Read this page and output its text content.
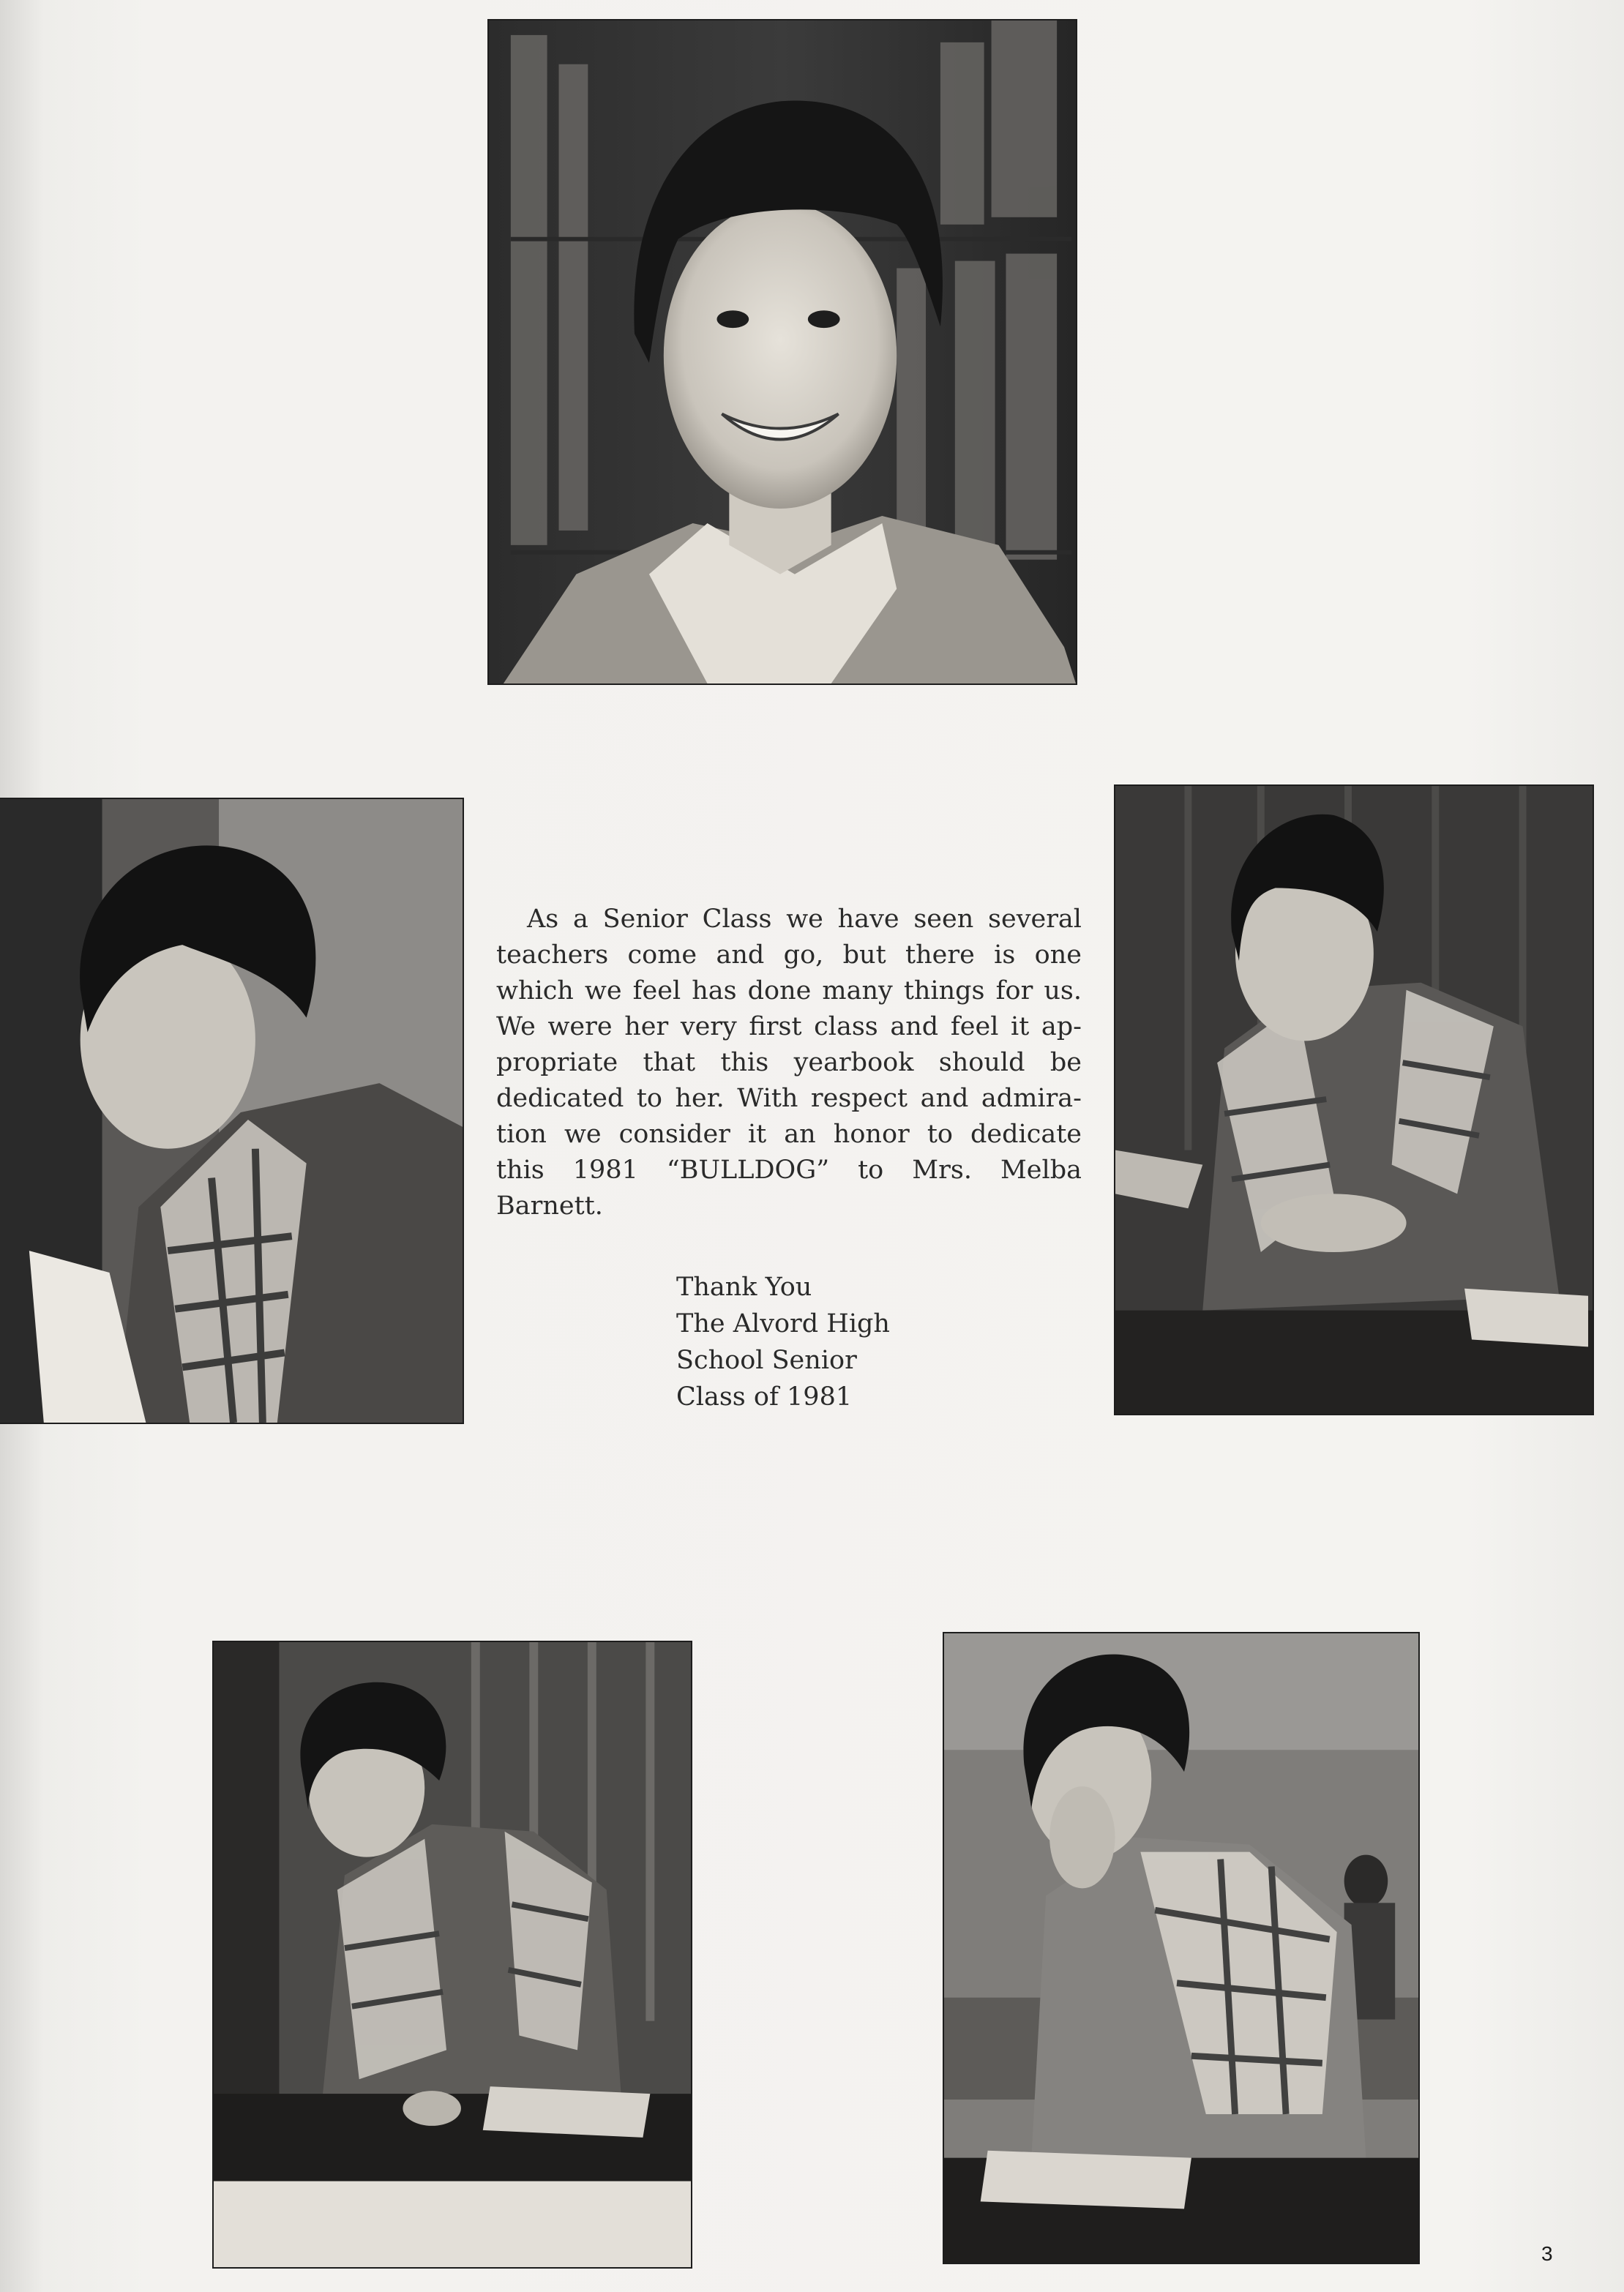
As a Senior Class we have seen several
teachers come and go, but there is one
which we feel has done many things for us.
We were her very first class and feel it ap-
propriate that this yearbook should be
dedicated to her. With respect and admira-
tion we consider it an honor to dedicate
this 1981 “BULLDOG” to Mrs. Melba
Barnett.
Thank You
The Alvord High
School Senior
Class of 1981
3
